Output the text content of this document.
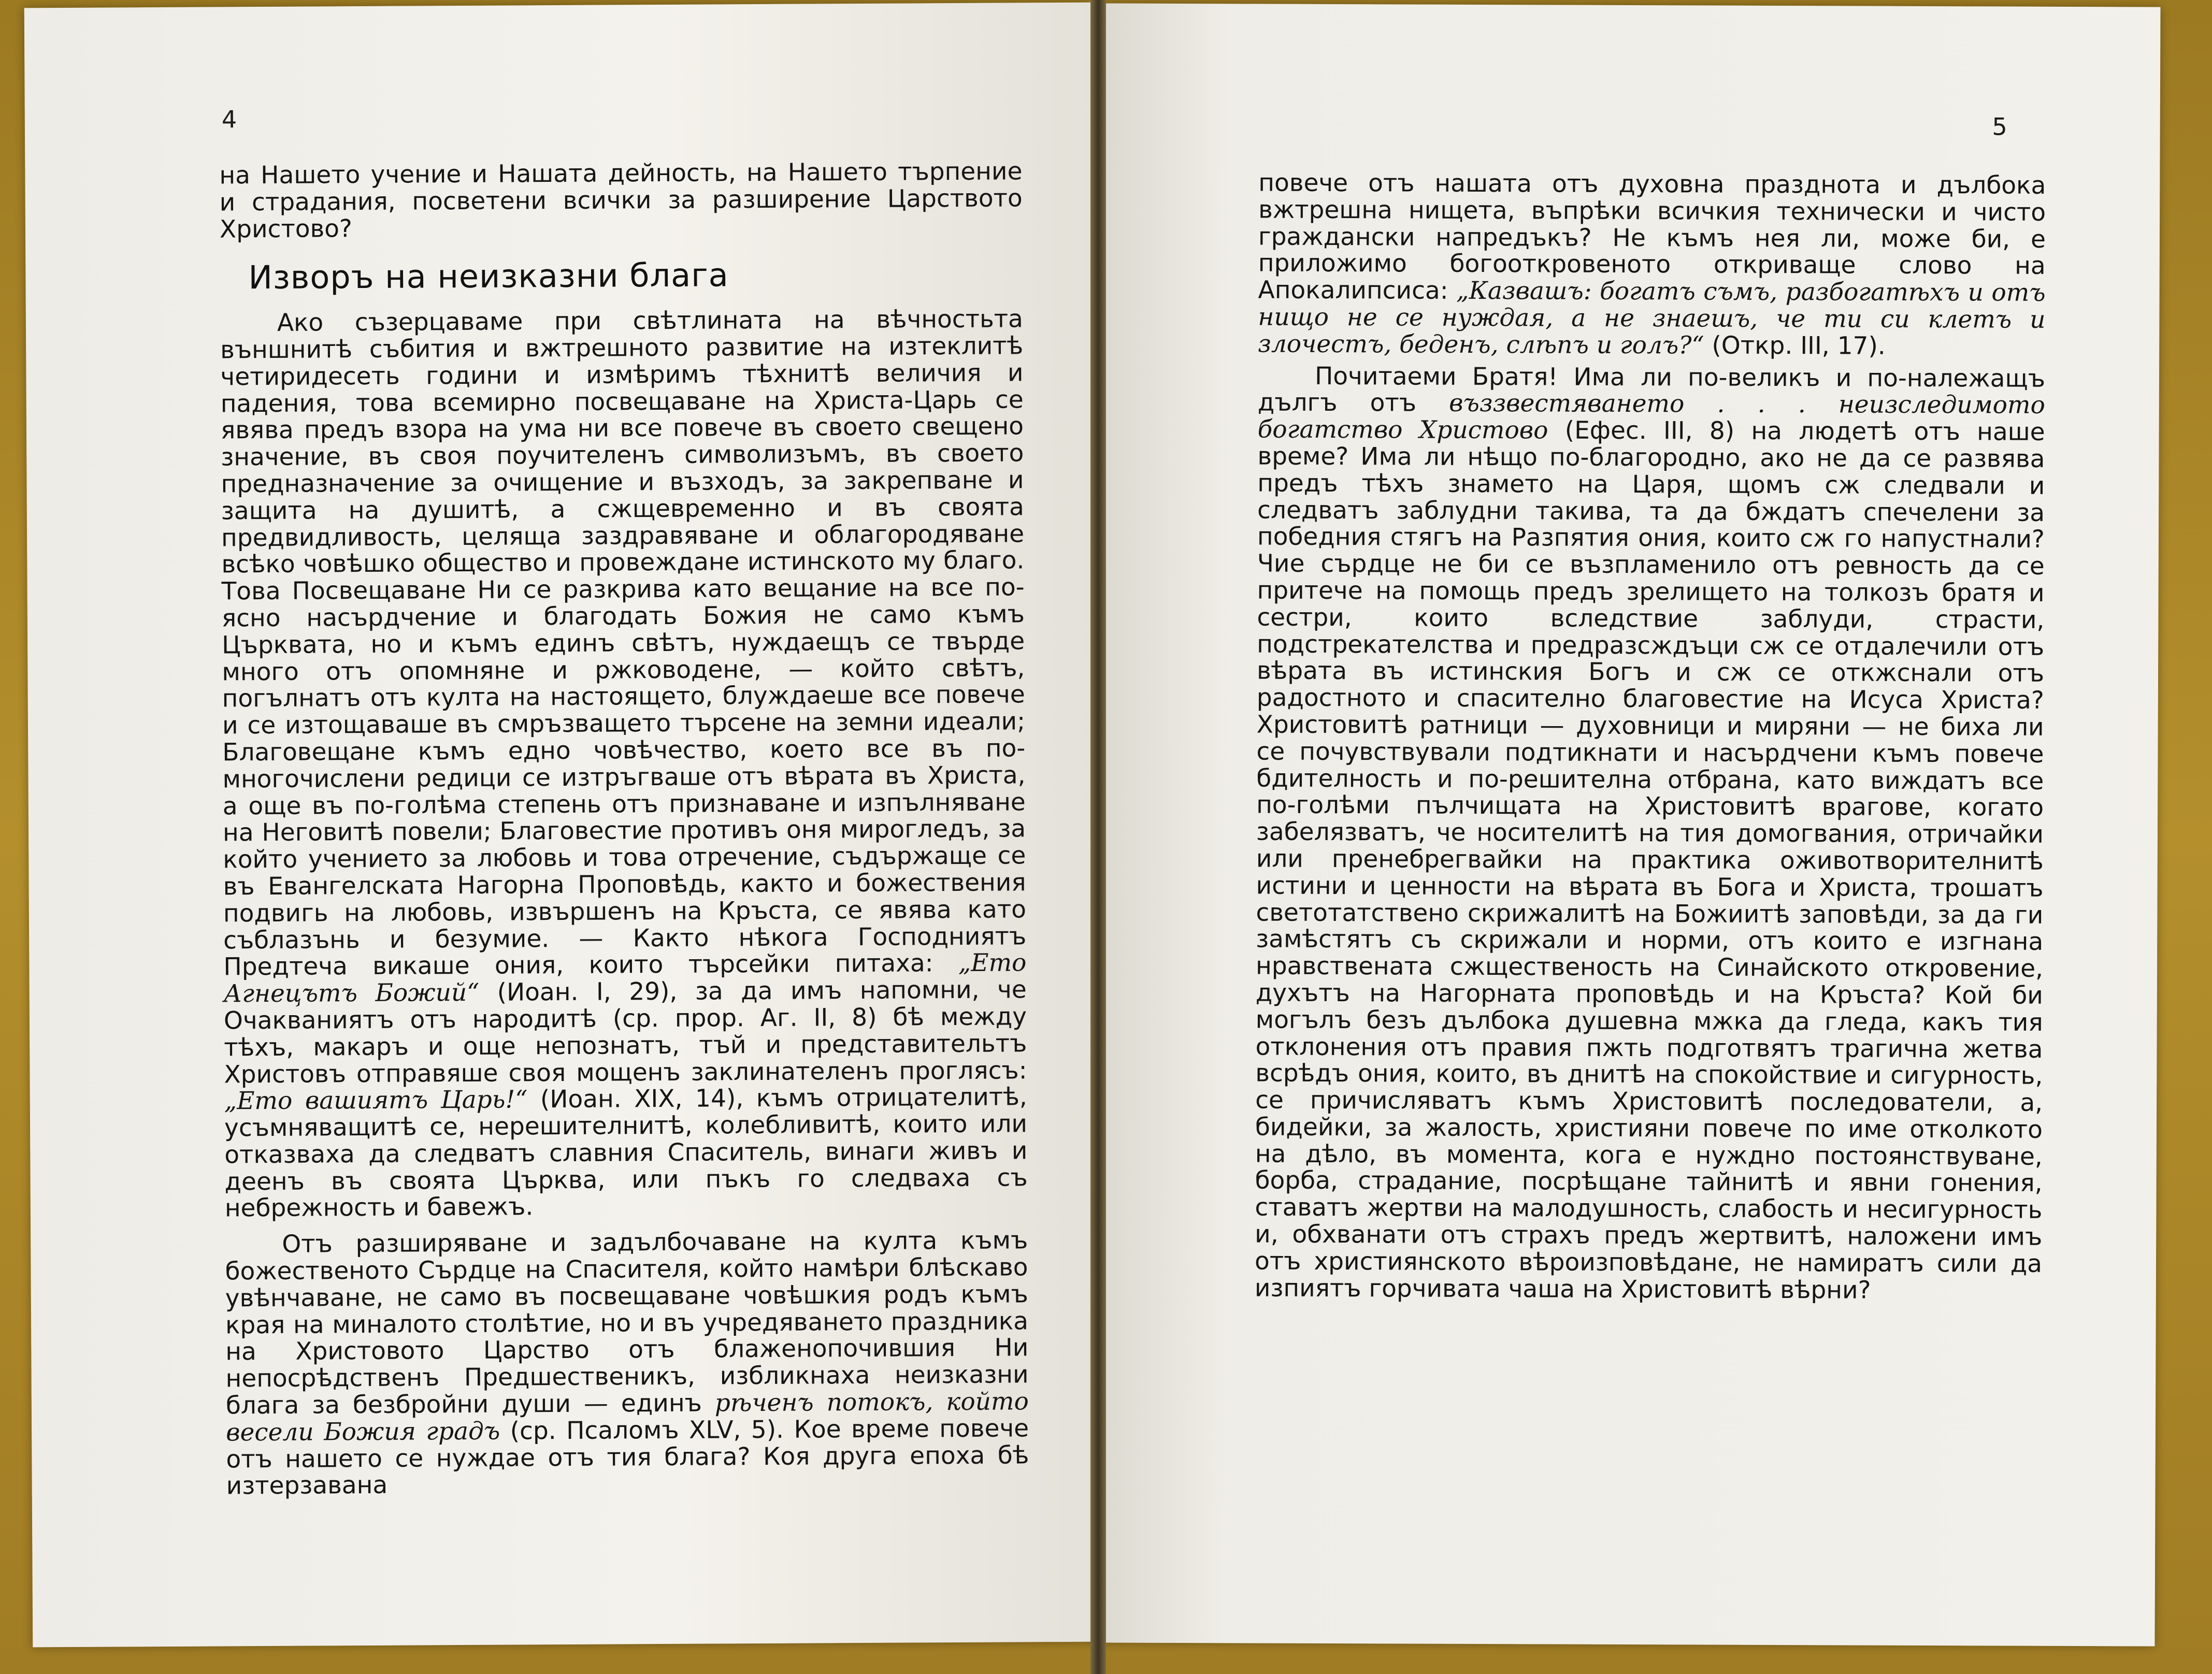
4

на Нашето учение и Нашата дейность, на Нашето търпение и страдания, посветени всички за разширение Царството Христово?

Изворъ на неизказни блага

Ако съзерцаваме при свѣтлината на вѣчностьта външнитѣ събития и вжтрешното развитие на изтеклитѣ четиридесеть години и измѣримъ тѣхнитѣ величия и падения, това всемирно посвещаване на Христа-Царь се явява предъ взора на ума ни все повече въ своето свещено значение, въ своя поучителенъ символизъмъ, въ своето предназначение за очищение и възходъ, за закрепване и защита на душитѣ, а сжщевременно и въ своята предвидливость, целяща заздравяване и облагородяване всѣко човѣшко общество и провеждане истинското му благо. Това Посвещаване Ни се разкрива като вещание на все по-ясно насърдчение и благодать Божия не само къмъ Църквата, но и къмъ единъ свѣтъ, нуждаещъ се твърде много отъ опомняне и ржководене, — който свѣтъ, погълнатъ отъ култа на настоящето, блуждаеше все повече и се изтощаваше въ смръзващето търсене на земни идеали; Благовещане къмъ едно човѣчество, което все въ по-многочислени редици се изтръгваше отъ вѣрата въ Христа, а още въ по-голѣма степень отъ признаване и изпълняване на Неговитѣ повели; Благовестие противъ оня мирогледъ, за който учението за любовь и това отречение, съдържаще се въ Евангелската Нагорна Проповѣдь, както и божествения подвигь на любовь, извършенъ на Кръста, се явява като съблазънь и безумие. — Както нѣкога Господниятъ Предтеча викаше ония, които търсейки питаха: „Ето Агнецътъ Божий“ (Иоан. I, 29), за да имъ напомни, че Очакваниятъ отъ народитѣ (ср. прор. Аг. II, 8) бѣ между тѣхъ, макаръ и още непознатъ, тъй и представительтъ Христовъ отправяше своя мощенъ заклинателенъ проглясъ: „Ето вашиятъ Царь!“ (Иоан. XIX, 14), къмъ отрицателитѣ, усъмняващитѣ се, нерешителнитѣ, колебливитѣ, които или отказваха да следватъ славния Спаситель, винаги живъ и деенъ въ своята Църква, или пъкъ го следваха съ небрежность и бавежъ.

Отъ разширяване и задълбочаване на култа къмъ божественото Сърдце на Спасителя, който намѣри блѣскаво увѣнчаване, не само въ посвещаване човѣшкия родъ къмъ края на миналото столѣтие, но и въ учредяването праздника на Христовото Царство отъ блаженопочившия Ни непосрѣдственъ Предшественикъ, избликнаха неизказни блага за безбройни души — единъ рѣченъ потокъ, който весели Божия градъ (ср. Псаломъ XLV, 5). Кое време повече отъ нашето се нуждае отъ тия блага? Коя друга епоха бѣ изтерзавана

5

повече отъ нашата отъ духовна празднота и дълбока вжтрешна нищета, въпрѣки всичкия технически и чисто граждански напредъкъ? Не къмъ нея ли, може би, е приложимо богооткровеното откриваще слово на Апокалипсиса: „Казвашъ: богатъ съмъ, разбогатѣхъ и отъ нищо не се нуждая, а не знаешъ, че ти си клетъ и злочестъ, беденъ, слѣпъ и голъ?“ (Откр. III, 17).

Почитаеми Братя! Има ли по-великъ и по-належащъ дългъ отъ въззвестяването . . . неизследимото богатство Христово (Ефес. III, 8) на людетѣ отъ наше време? Има ли нѣщо по-благородно, ако не да се развява предъ тѣхъ знамето на Царя, щомъ сж следвали и следватъ заблудни такива, та да бждатъ спечелени за победния стягъ на Разпятия ония, които сж го напустнали? Чие сърдце не би се възпламенило отъ ревность да се притече на помощь предъ зрелището на толкозъ братя и сестри, които вследствие заблуди, страсти, подстрекателства и предразсждъци сж се отдалечили отъ вѣрата въ истинския Богъ и сж се откжснали отъ радостното и спасително благовестие на Исуса Христа? Христовитѣ ратници — духовници и миряни — не биха ли се почувствували подтикнати и насърдчени къмъ повече бдителность и по-решителна отбрана, като виждатъ все по-голѣми пълчищата на Христовитѣ врагове, когато забелязватъ, че носителитѣ на тия домогвания, отричайки или пренебрегвайки на практика оживотворителнитѣ истини и ценности на вѣрата въ Бога и Христа, трошатъ светотатствено скрижалитѣ на Божиитѣ заповѣди, за да ги замѣстятъ съ скрижали и норми, отъ които е изгнана нравствената сжщественость на Синайското откровение, духътъ на Нагорната проповѣдь и на Кръста? Кой би могълъ безъ дълбока душевна мжка да гледа, какъ тия отклонения отъ правия пжть подготвятъ трагична жетва всрѣдъ ония, които, въ днитѣ на спокойствие и сигурность, се причисляватъ къмъ Христовитѣ последователи, а, бидейки, за жалость, християни повече по име отколкото на дѣло, въ момента, кога е нуждно постоянствуване, борба, страдание, посрѣщане тайнитѣ и явни гонения, ставатъ жертви на малодушность, слабость и несигурность и, обхванати отъ страхъ предъ жертвитѣ, наложени имъ отъ християнското вѣроизповѣдане, не намиратъ сили да изпиятъ горчивата чаша на Христовитѣ вѣрни?
